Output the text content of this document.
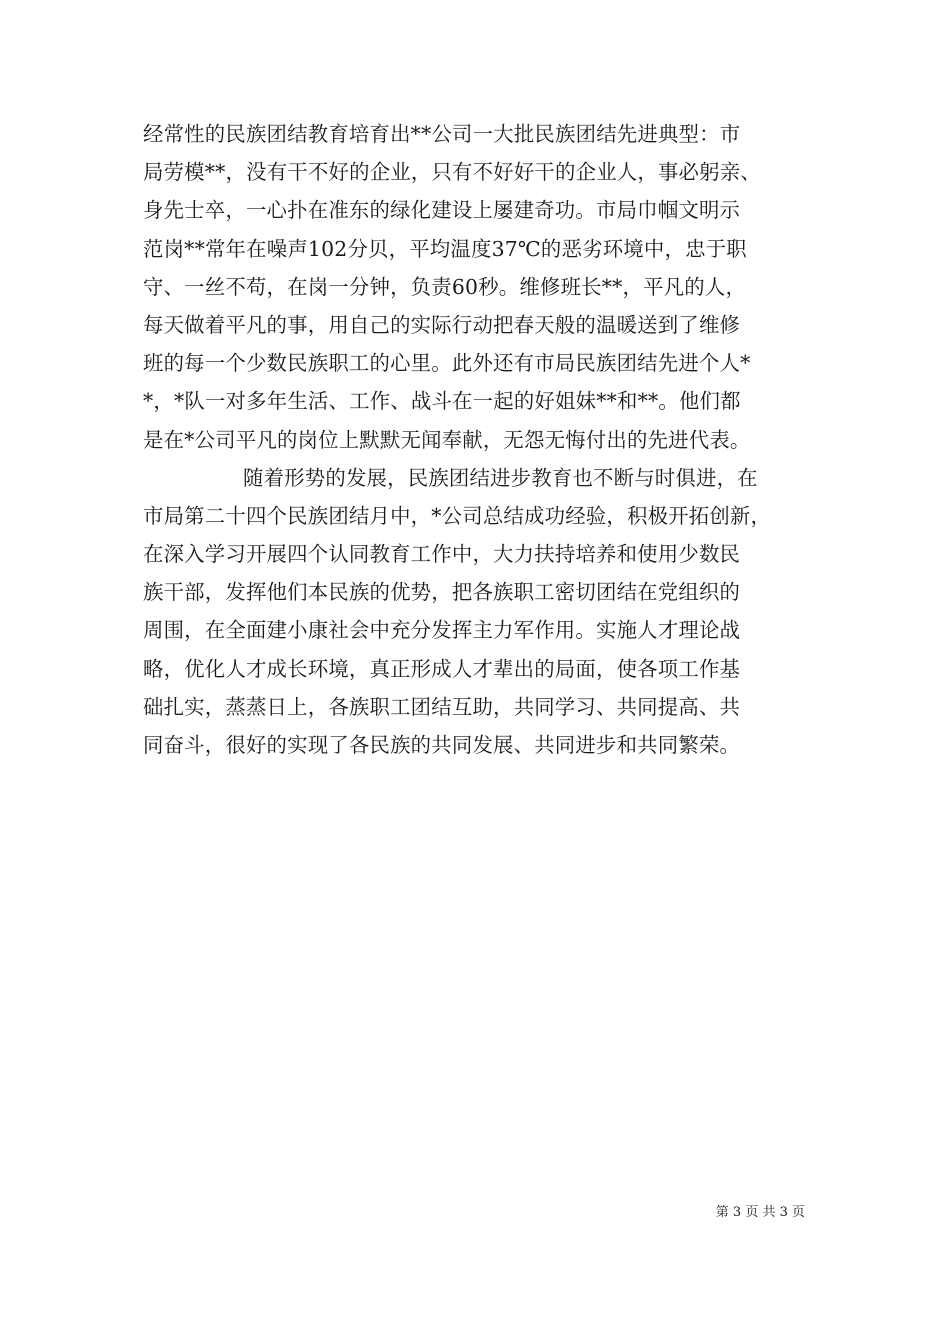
经常性的民族团结教育培育出**公司一大批民族团结先进典型：市
局劳模**，没有干不好的企业，只有不好好干的企业人，事必躬亲、
身先士卒，一心扑在准东的绿化建设上屡建奇功。市局巾帼文明示
范岗**常年在噪声102分贝，平均温度37℃的恶劣环境中，忠于职
守、一丝不苟，在岗一分钟，负责60秒。维修班长**，平凡的人，
每天做着平凡的事，用自己的实际行动把春天般的温暖送到了维修
班的每一个少数民族职工的心里。此外还有市局民族团结先进个人*
*，*队一对多年生活、工作、战斗在一起的好姐妹**和**。他们都
是在*公司平凡的岗位上默默无闻奉献，无怨无悔付出的先进代表。
随着形势的发展，民族团结进步教育也不断与时俱进，在
市局第二十四个民族团结月中，*公司总结成功经验，积极开拓创新，
在深入学习开展四个认同教育工作中，大力扶持培养和使用少数民
族干部，发挥他们本民族的优势，把各族职工密切团结在党组织的
周围，在全面建小康社会中充分发挥主力军作用。实施人才理论战
略，优化人才成长环境，真正形成人才辈出的局面，使各项工作基
础扎实，蒸蒸日上，各族职工团结互助，共同学习、共同提高、共
同奋斗，很好的实现了各民族的共同发展、共同进步和共同繁荣。
第 3 页 共 3 页
